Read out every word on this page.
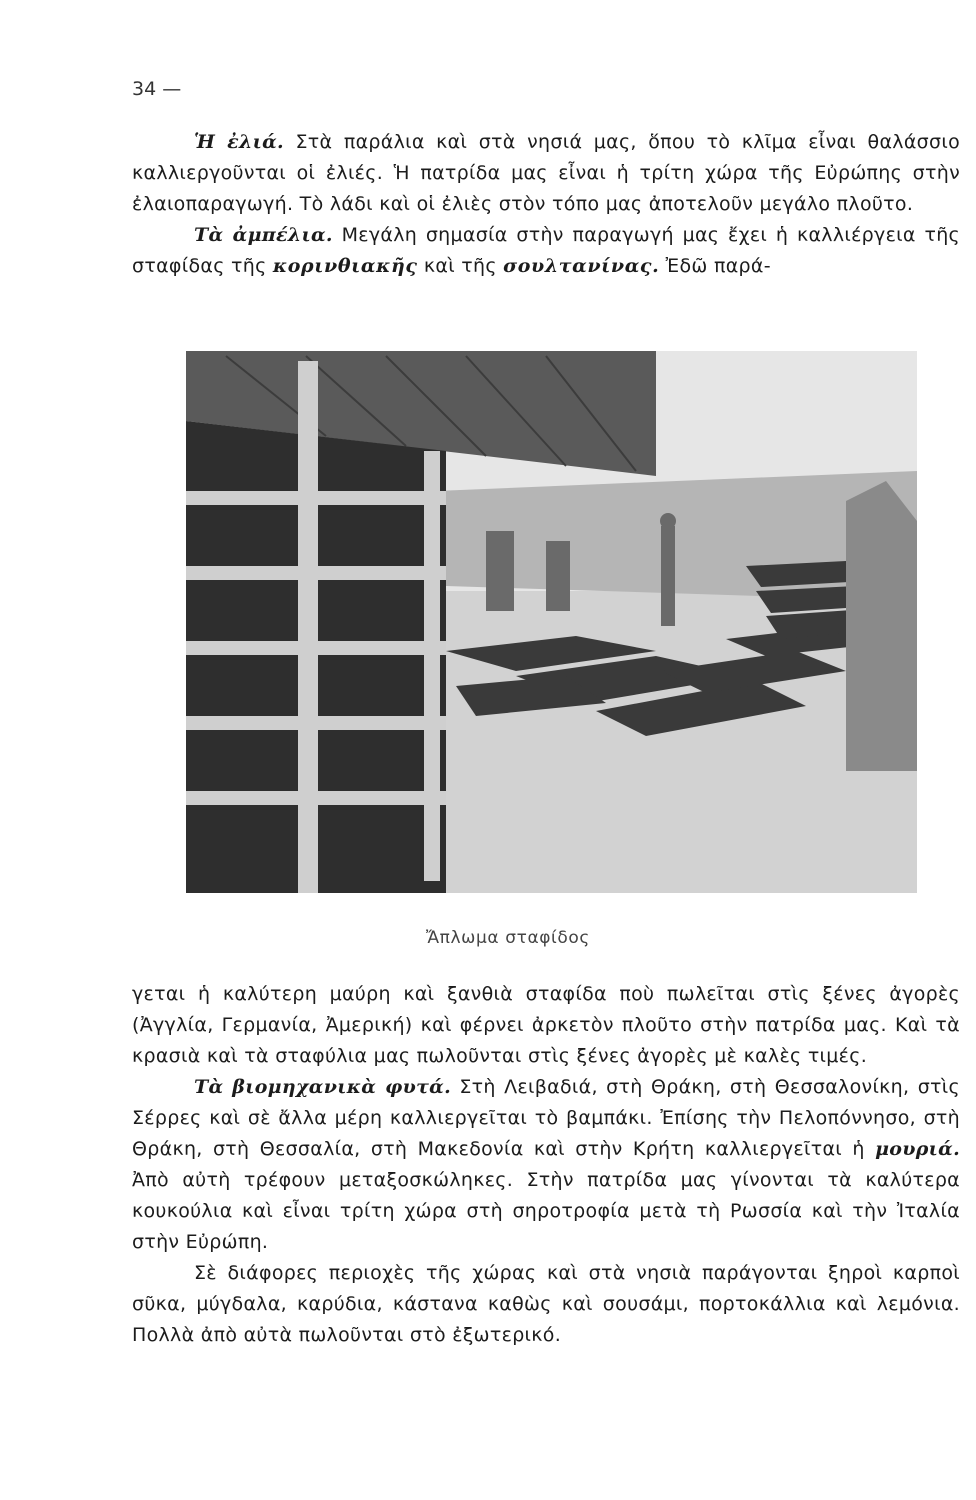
34 —

Ἡ ἐλιά. Στὰ παράλια καὶ στὰ νησιά μας, ὅπου τὸ κλῖμα εἶναι θαλάσσιο καλλιεργοῦνται οἱ ἐλιές. Ἡ πατρίδα μας εἶναι ἡ τρίτη χώρα τῆς Εὐρώπης στὴν ἐλαιοπαραγωγή. Τὸ λάδι καὶ οἱ ἐλιὲς στὸν τόπο μας ἀποτελοῦν μεγάλο πλοῦτο.

Τὰ ἀμπέλια. Μεγάλη σημασία στὴν παραγωγή μας ἔχει ἡ καλλιέργεια τῆς σταφίδας τῆς κορινθιακῆς καὶ τῆς σουλτανίνας. Ἐδῶ παρά-

Ἄπλωμα σταφίδος

γεται ἡ καλύτερη μαύρη καὶ ξανθιὰ σταφίδα ποὺ πωλεῖται στὶς ξένες ἀγορὲς (Ἀγγλία, Γερμανία, Ἀμερική) καὶ φέρνει ἀρκετὸν πλοῦτο στὴν πατρίδα μας. Καὶ τὰ κρασιὰ καὶ τὰ σταφύλια μας πωλοῦνται στὶς ξένες ἀγορὲς μὲ καλὲς τιμές.

Τὰ βιομηχανικὰ φυτά. Στὴ Λειβαδιά, στὴ Θράκη, στὴ Θεσσαλονίκη, στὶς Σέρρες καὶ σὲ ἄλλα μέρη καλλιεργεῖται τὸ βαμπάκι. Ἐπίσης τὴν Πελοπόννησο, στὴ Θράκη, στὴ Θεσσαλία, στὴ Μακεδονία καὶ στὴν Κρήτη καλλιεργεῖται ἡ μουριά. Ἀπὸ αὐτὴ τρέφουν μεταξοσκώληκες. Στὴν πατρίδα μας γίνονται τὰ καλύτερα κουκούλια καὶ εἶναι τρίτη χώρα στὴ σηροτροφία μετὰ τὴ Ρωσσία καὶ τὴν Ἰταλία στὴν Εὐρώπη.

Σὲ διάφορες περιοχὲς τῆς χώρας καὶ στὰ νησιὰ παράγονται ξηροὶ καρποὶ σῦκα, μύγδαλα, καρύδια, κάστανα καθὼς καὶ σουσάμι, πορτοκάλλια καὶ λεμόνια. Πολλὰ ἀπὸ αὐτὰ πωλοῦνται στὸ ἐξωτερικό.
